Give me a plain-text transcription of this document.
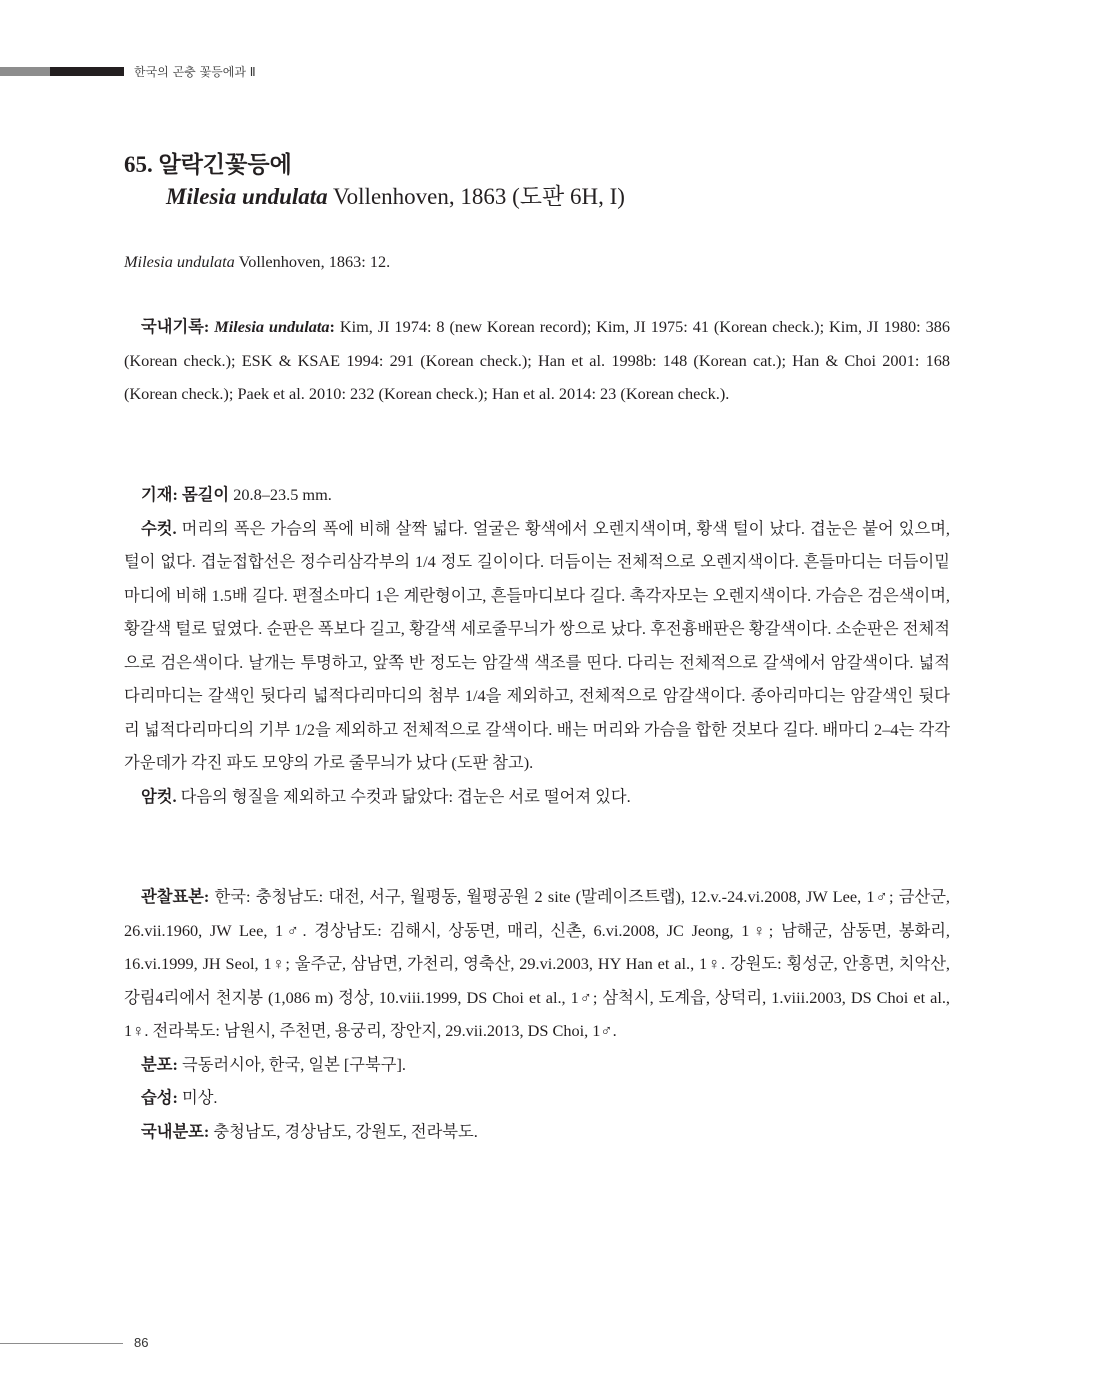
한국의 곤충 꽃등에과 Ⅱ
65. 알락긴꽃등에
Milesia undulata Vollenhoven, 1863 (도판 6H, I)

Milesia undulata Vollenhoven, 1863: 12.

국내기록: Milesia undulata: Kim, JI 1974: 8 (new Korean record); Kim, JI 1975: 41 (Korean check.); Kim, JI 1980: 386 (Korean check.); ESK & KSAE 1994: 291 (Korean check.); Han et al. 1998b: 148 (Korean cat.); Han & Choi 2001: 168 (Korean check.); Paek et al. 2010: 232 (Korean check.); Han et al. 2014: 23 (Korean check.).

기재: 몸길이 20.8–23.5 mm.

수컷. 머리의 폭은 가슴의 폭에 비해 살짝 넓다. 얼굴은 황색에서 오렌지색이며, 황색 털이 났다. 겹눈은 붙어 있으며, 털이 없다. 겹눈접합선은 정수리삼각부의 1/4 정도 길이이다. 더듬이는 전체적으로 오렌지색이다. 흔들마디는 더듬이밑마디에 비해 1.5배 길다. 편절소마디 1은 계란형이고, 흔들마디보다 길다. 촉각자모는 오렌지색이다. 가슴은 검은색이며, 황갈색 털로 덮였다. 순판은 폭보다 길고, 황갈색 세로줄무늬가 쌍으로 났다. 후전흉배판은 황갈색이다. 소순판은 전체적으로 검은색이다. 날개는 투명하고, 앞쪽 반 정도는 암갈색 색조를 띤다. 다리는 전체적으로 갈색에서 암갈색이다. 넓적다리마디는 갈색인 뒷다리 넓적다리마디의 첨부 1/4을 제외하고, 전체적으로 암갈색이다. 종아리마디는 암갈색인 뒷다리 넓적다리마디의 기부 1/2을 제외하고 전체적으로 갈색이다. 배는 머리와 가슴을 합한 것보다 길다. 배마디 2–4는 각각 가운데가 각진 파도 모양의 가로 줄무늬가 났다 (도판 참고).

암컷. 다음의 형질을 제외하고 수컷과 닮았다: 겹눈은 서로 떨어져 있다.

관찰표본: 한국: 충청남도: 대전, 서구, 월평동, 월평공원 2 site (말레이즈트랩), 12.v.-24.vi.2008, JW Lee, 1♂; 금산군, 26.vii.1960, JW Lee, 1♂. 경상남도: 김해시, 상동면, 매리, 신촌, 6.vi.2008, JC Jeong, 1♀; 남해군, 삼동면, 봉화리, 16.vi.1999, JH Seol, 1♀; 울주군, 삼남면, 가천리, 영축산, 29.vi.2003, HY Han et al., 1♀. 강원도: 횡성군, 안흥면, 치악산, 강림4리에서 천지봉 (1,086 m) 정상, 10.viii.1999, DS Choi et al., 1♂; 삼척시, 도계읍, 상덕리, 1.viii.2003, DS Choi et al., 1♀. 전라북도: 남원시, 주천면, 용궁리, 장안지, 29.vii.2013, DS Choi, 1♂.

분포: 극동러시아, 한국, 일본 [구북구].

습성: 미상.

국내분포: 충청남도, 경상남도, 강원도, 전라북도.

86
